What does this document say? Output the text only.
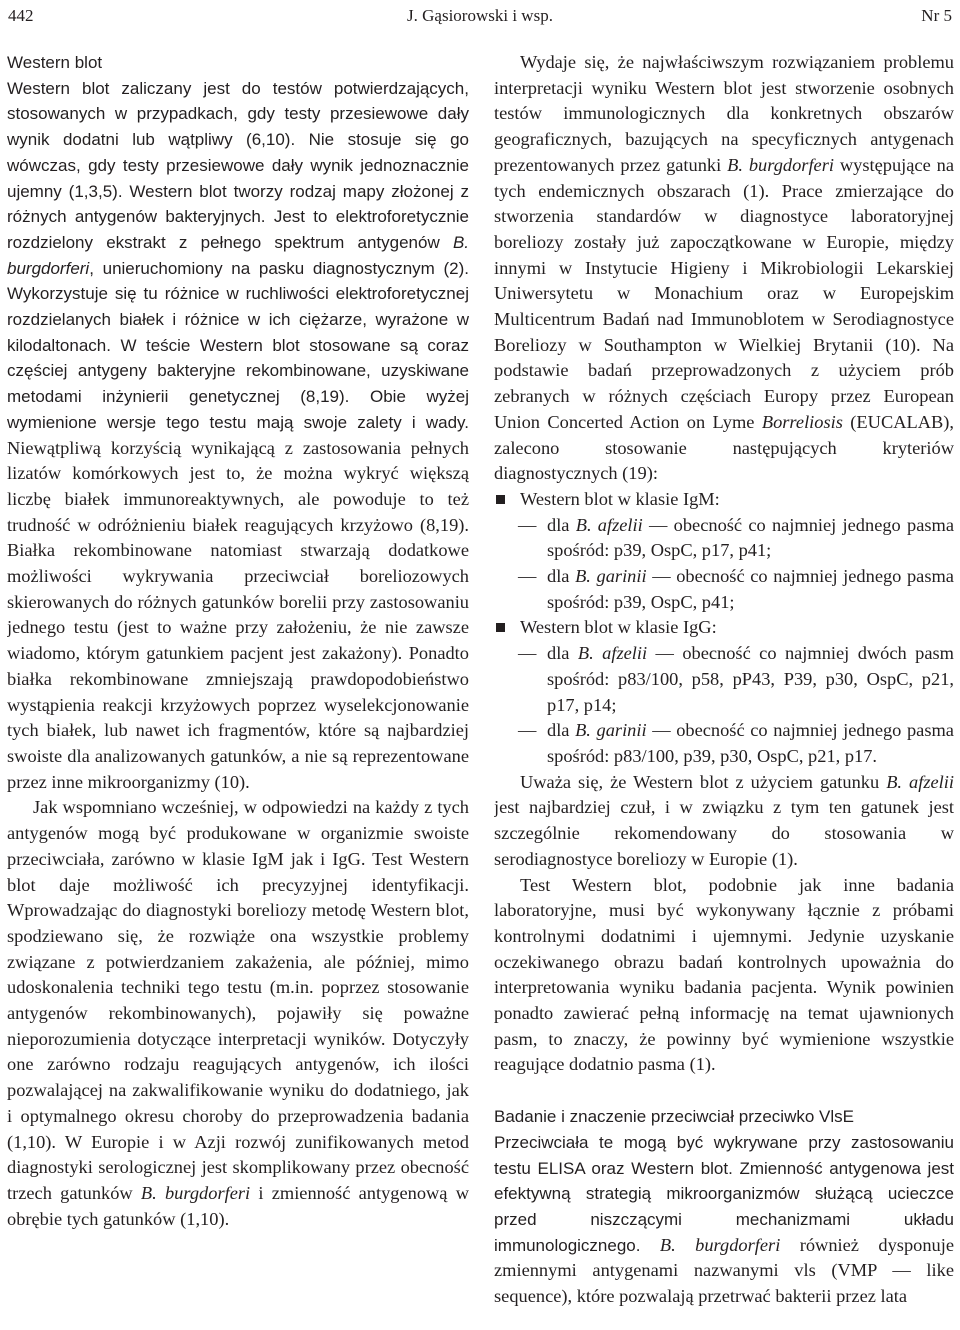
442	J. Gąsiorowski i wsp.	Nr 5

Western blot

Western blot zaliczany jest do testów potwierdzających, stosowanych w przypadkach, gdy testy przesiewowe dały wynik dodatni lub wątpliwy (6,10). Nie stosuje się go wówczas, gdy testy przesiewowe dały wynik jednoznacznie ujemny (1,3,5). Western blot tworzy rodzaj mapy złożonej z różnych antygenów bakteryjnych. Jest to elektroforetycznie rozdzielony ekstrakt z pełnego spektrum antygenów B. burgdorferi, unieruchomiony na pasku diagnostycznym (2). Wykorzystuje się tu różnice w ruchliwości elektroforetycznej rozdzielanych białek i różnice w ich ciężarze, wyrażone w kilodaltonach. W teście Western blot stosowane są coraz częściej antygeny bakteryjne rekombinowane, uzyskiwane metodami inżynierii genetycznej (8,19). Obie wyżej wymienione wersje tego testu mają swoje zalety i wady. Niewątpliwą korzyścią wynikającą z zastosowania pełnych lizatów komórkowych jest to, że można wykryć większą liczbę białek immunoreaktywnych, ale powoduje to też trudność w odróżnieniu białek reagujących krzyżowo (8,19). Białka rekombinowane natomiast stwarzają dodatkowe możliwości wykrywania przeciwciał boreliozowych skierowanych do różnych gatunków borelii przy zastosowaniu jednego testu (jest to ważne przy założeniu, że nie zawsze wiadomo, którym gatunkiem pacjent jest zakażony). Ponadto białka rekombinowane zmniejszają prawdopodobieństwo wystąpienia reakcji krzyżowych poprzez wyselekcjonowanie tych białek, lub nawet ich fragmentów, które są najbardziej swoiste dla analizowanych gatunków, a nie są reprezentowane przez inne mikroorganizmy (10).

Jak wspomniano wcześniej, w odpowiedzi na każdy z tych antygenów mogą być produkowane w organizmie swoiste przeciwciała, zarówno w klasie IgM jak i IgG. Test Western blot daje możliwość ich precyzyjnej identyfikacji. Wprowadzając do diagnostyki boreliozy metodę Western blot, spodziewano się, że rozwiąże ona wszystkie problemy związane z potwierdzaniem zakażenia, ale później, mimo udoskonalenia techniki tego testu (m.in. poprzez stosowanie antygenów rekombinowanych), pojawiły się poważne nieporozumienia dotyczące interpretacji wyników. Dotyczyły one zarówno rodzaju reagujących antygenów, ich ilości pozwalającej na zakwalifikowanie wyniku do dodatniego, jak i optymalnego okresu choroby do przeprowadzenia badania (1,10). W Europie i w Azji rozwój zunifikowanych metod diagnostyki serologicznej jest skomplikowany przez obecność trzech gatunków B. burgdorferi i zmienność antygenową w obrębie tych gatunków (1,10).

Wydaje się, że najwłaściwszym rozwiązaniem problemu interpretacji wyniku Western blot jest stworzenie osobnych testów immunologicznych dla konkretnych obszarów geograficznych, bazujących na specyficznych antygenach prezentowanych przez gatunki B. burgdorferi występujące na tych endemicznych obszarach (1). Prace zmierzające do stworzenia standardów w diagnostyce laboratoryjnej boreliozy zostały już zapoczątkowane w Europie, między innymi w Instytucie Higieny i Mikrobiologii Lekarskiej Uniwersytetu w Monachium oraz w Europejskim Multicentrum Badań nad Immunoblotem w Serodiagnostyce Boreliozy w Southampton w Wielkiej Brytanii (10). Na podstawie badań przeprowadzonych z użyciem prób zebranych w różnych częściach Europy przez European Union Concerted Action on Lyme Borreliosis (EUCALAB), zalecono stosowanie następujących kryteriów diagnostycznych (19):

Western blot w klasie IgM:

— dla B. afzelii — obecność co najmniej jednego pasma spośród: p39, OspC, p17, p41;

— dla B. garinii — obecność co najmniej jednego pasma spośród: p39, OspC, p41;

Western blot w klasie IgG:

— dla B. afzelii — obecność co najmniej dwóch pasm spośród: p83/100, p58, pP43, P39, p30, OspC, p21, p17, p14;

— dla B. garinii — obecność co najmniej jednego pasma spośród: p83/100, p39, p30, OspC, p21, p17.

Uważa się, że Western blot z użyciem gatunku B. afzelii jest najbardziej czuł, i w związku z tym ten gatunek jest szczególnie rekomendowany do stosowania w serodiagnostyce boreliozy w Europie (1).

Test Western blot, podobnie jak inne badania laboratoryjne, musi być wykonywany łącznie z próbami kontrolnymi dodatnimi i ujemnymi. Jedynie uzyskanie oczekiwanego obrazu badań kontrolnych upoważnia do interpretowania wyniku badania pacjenta. Wynik powinien ponadto zawierać pełną informację na temat ujawnionych pasm, to znaczy, że powinny być wymienione wszystkie reagujące dodatnio pasma (1).

Badanie i znaczenie przeciwciał przeciwko VlsE

Przeciwciała te mogą być wykrywane przy zastosowaniu testu ELISA oraz Western blot. Zmienność antygenowa jest efektywną strategią mikroorganizmów służącą ucieczce przed niszczącymi mechanizmami układu immunologicznego. B. burgdorferi również dysponuje zmiennymi antygenami nazwanymi vls (VMP — like sequence), które pozwalają przetrwać bakterii przez lata
